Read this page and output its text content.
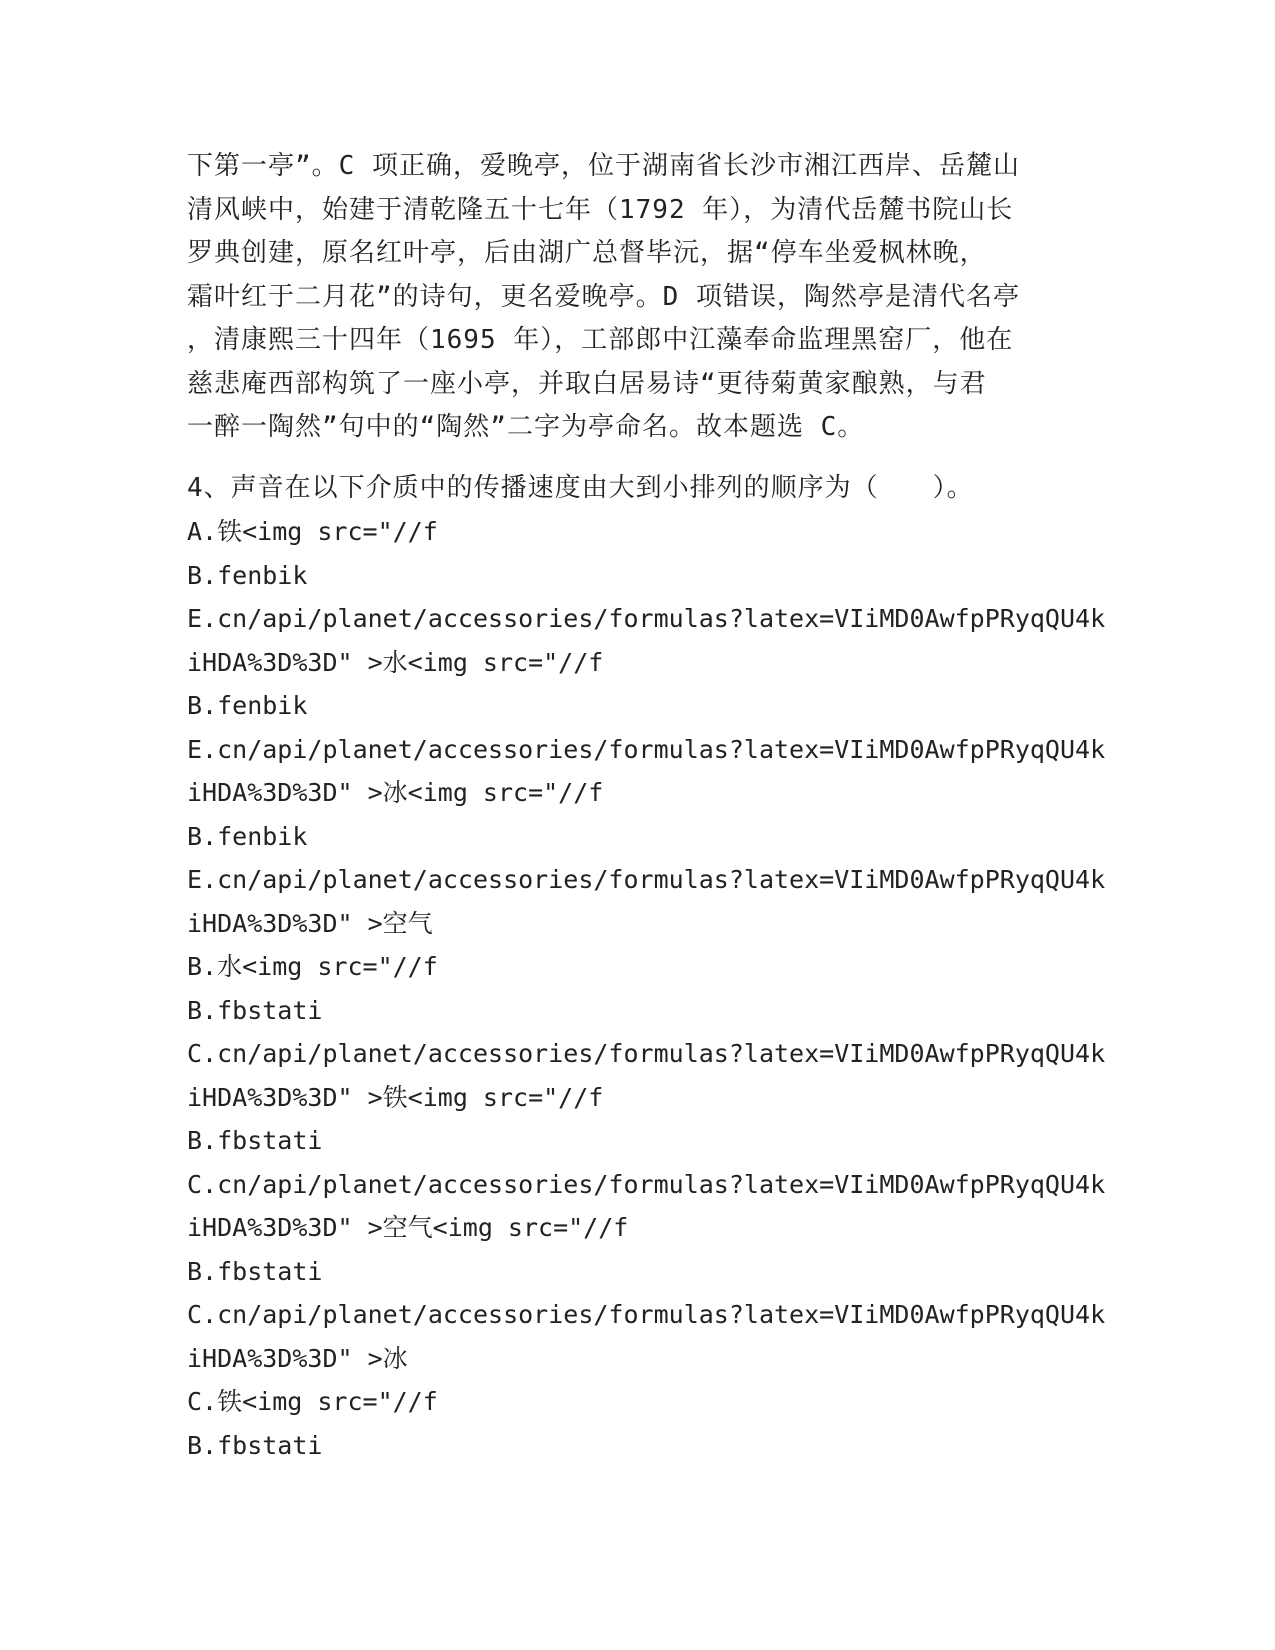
下第一亭”。C 项正确，爱晚亭，位于湖南省长沙市湘江西岸、岳麓山
清风峡中，始建于清乾隆五十七年（1792 年），为清代岳麓书院山长
罗典创建，原名红叶亭，后由湖广总督毕沅，据“停车坐爱枫林晚，
霜叶红于二月花”的诗句，更名爱晚亭。D 项错误，陶然亭是清代名亭
，清康熙三十四年（1695 年），工部郎中江藻奉命监理黑窑厂，他在
慈悲庵西部构筑了一座小亭，并取白居易诗“更待菊黄家酿熟，与君
一醉一陶然”句中的“陶然”二字为亭命名。故本题选 C。
4、声音在以下介质中的传播速度由大到小排列的顺序为（　　）。
A.铁<img src="//f
B.fenbik
E.cn/api/planet/accessories/formulas?latex=VIiMD0AwfpPRyqQU4k
iHDA%3D%3D" >水<img src="//f
B.fenbik
E.cn/api/planet/accessories/formulas?latex=VIiMD0AwfpPRyqQU4k
iHDA%3D%3D" >冰<img src="//f
B.fenbik
E.cn/api/planet/accessories/formulas?latex=VIiMD0AwfpPRyqQU4k
iHDA%3D%3D" >空气
B.水<img src="//f
B.fbstati
C.cn/api/planet/accessories/formulas?latex=VIiMD0AwfpPRyqQU4k
iHDA%3D%3D" >铁<img src="//f
B.fbstati
C.cn/api/planet/accessories/formulas?latex=VIiMD0AwfpPRyqQU4k
iHDA%3D%3D" >空气<img src="//f
B.fbstati
C.cn/api/planet/accessories/formulas?latex=VIiMD0AwfpPRyqQU4k
iHDA%3D%3D" >冰
C.铁<img src="//f
B.fbstati
